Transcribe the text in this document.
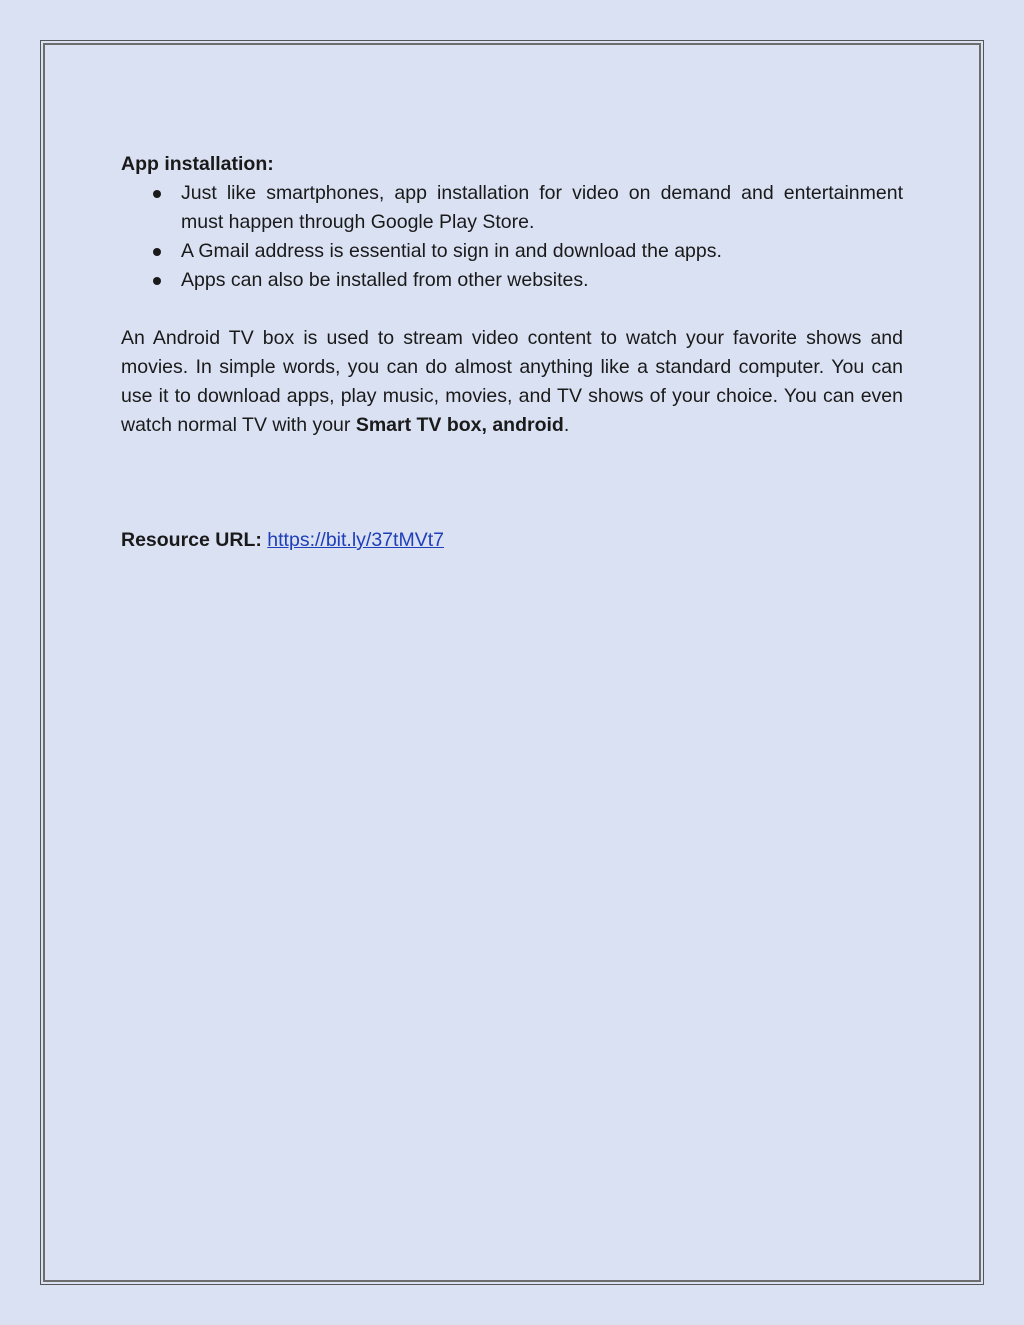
App installation:

Just like smartphones, app installation for video on demand and entertainment must happen through Google Play Store.
A Gmail address is essential to sign in and download the apps.
Apps can also be installed from other websites.

An Android TV box is used to stream video content to watch your favorite shows and movies. In simple words, you can do almost anything like a standard computer. You can use it to download apps, play music, movies, and TV shows of your choice. You can even watch normal TV with your Smart TV box, android.

Resource URL: https://bit.ly/37tMVt7
